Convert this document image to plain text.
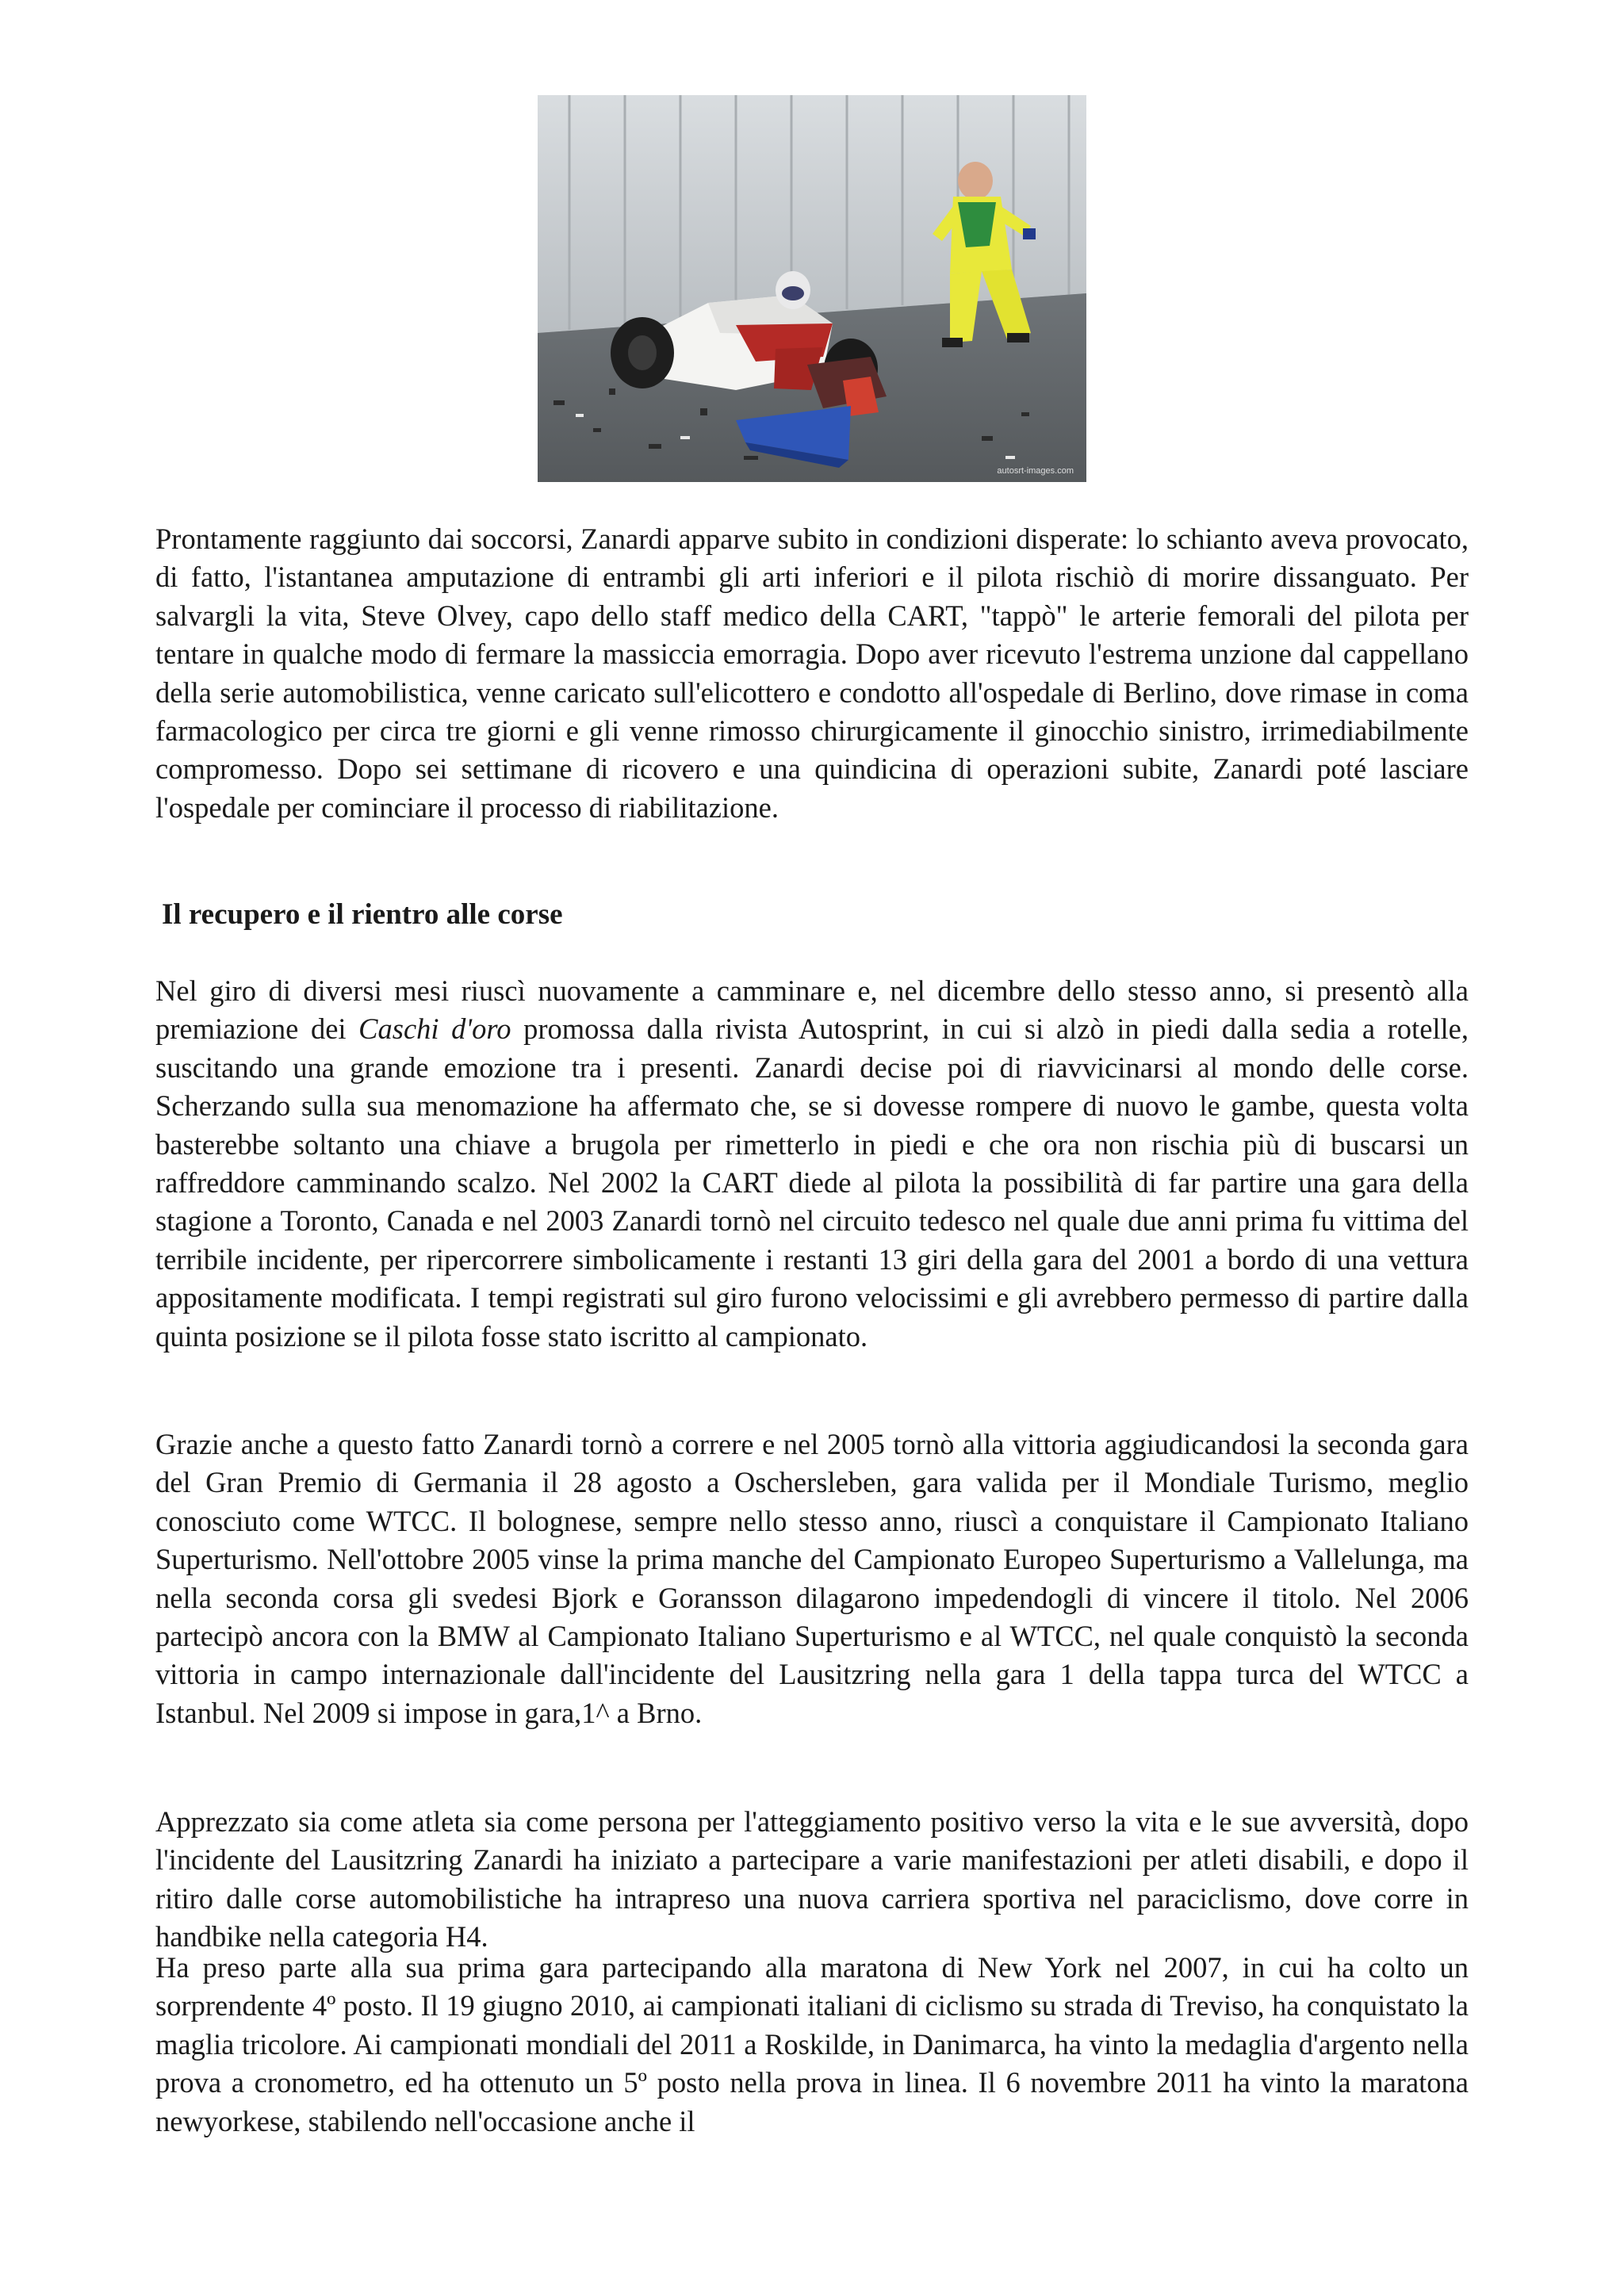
autosrt-images.com

Prontamente raggiunto dai soccorsi, Zanardi apparve subito in condizioni disperate: lo schianto aveva provocato, di fatto, l'istantanea amputazione di entrambi gli arti inferiori e il pilota rischiò di morire dissanguato. Per salvargli la vita, Steve Olvey, capo dello staff medico della CART, "tappò" le arterie femorali del pilota per tentare in qualche modo di fermare la massiccia emorragia. Dopo aver ricevuto l'estrema unzione dal cappellano della serie automobilistica, venne caricato sull'elicottero e condotto all'ospedale di Berlino, dove rimase in coma farmacologico per circa tre giorni e gli venne rimosso chirurgicamente il ginocchio sinistro, irrimediabilmente compromesso. Dopo sei settimane di ricovero e una quindicina di operazioni subite, Zanardi poté lasciare l'ospedale per cominciare il processo di riabilitazione.

Il recupero e il rientro alle corse

Nel giro di diversi mesi riuscì nuovamente a camminare e, nel dicembre dello stesso anno, si presentò alla premiazione dei Caschi d'oro promossa dalla rivista Autosprint, in cui si alzò in piedi dalla sedia a rotelle, suscitando una grande emozione tra i presenti. Zanardi decise poi di riavvicinarsi al mondo delle corse. Scherzando sulla sua menomazione ha affermato che, se si dovesse rompere di nuovo le gambe, questa volta basterebbe soltanto una chiave a brugola per rimetterlo in piedi e che ora non rischia più di buscarsi un raffreddore camminando scalzo. Nel 2002 la CART diede al pilota la possibilità di far partire una gara della stagione a Toronto, Canada e nel 2003 Zanardi tornò nel circuito tedesco nel quale due anni prima fu vittima del terribile incidente, per ripercorrere simbolicamente i restanti 13 giri della gara del 2001 a bordo di una vettura appositamente modificata. I tempi registrati sul giro furono velocissimi e gli avrebbero permesso di partire dalla quinta posizione se il pilota fosse stato iscritto al campionato.

Grazie anche a questo fatto Zanardi tornò a correre e nel 2005 tornò alla vittoria aggiudicandosi la seconda gara del Gran Premio di Germania il 28 agosto a Oschersleben, gara valida per il Mondiale Turismo, meglio conosciuto come WTCC. Il bolognese, sempre nello stesso anno, riuscì a conquistare il Campionato Italiano Superturismo. Nell'ottobre 2005 vinse la prima manche del Campionato Europeo Superturismo a Vallelunga, ma nella seconda corsa gli svedesi Bjork e Goransson dilagarono impedendogli di vincere il titolo. Nel 2006 partecipò ancora con la BMW al Campionato Italiano Superturismo e al WTCC, nel quale conquistò la seconda vittoria in campo internazionale dall'incidente del Lausitzring nella gara 1 della tappa turca del WTCC a Istanbul. Nel 2009 si impose in gara,1^ a Brno.

Apprezzato sia come atleta sia come persona per l'atteggiamento positivo verso la vita e le sue avversità, dopo l'incidente del Lausitzring Zanardi ha iniziato a partecipare a varie manifestazioni per atleti disabili, e dopo il ritiro dalle corse automobilistiche ha intrapreso una nuova carriera sportiva nel paraciclismo, dove corre in handbike nella categoria H4.

Ha preso parte alla sua prima gara partecipando alla maratona di New York nel 2007, in cui ha colto un sorprendente 4º posto. Il 19 giugno 2010, ai campionati italiani di ciclismo su strada di Treviso, ha conquistato la maglia tricolore. Ai campionati mondiali del 2011 a Roskilde, in Danimarca, ha vinto la medaglia d'argento nella prova a cronometro, ed ha ottenuto un 5º posto nella prova in linea. Il 6 novembre 2011 ha vinto la maratona newyorkese, stabilendo nell'occasione anche il
